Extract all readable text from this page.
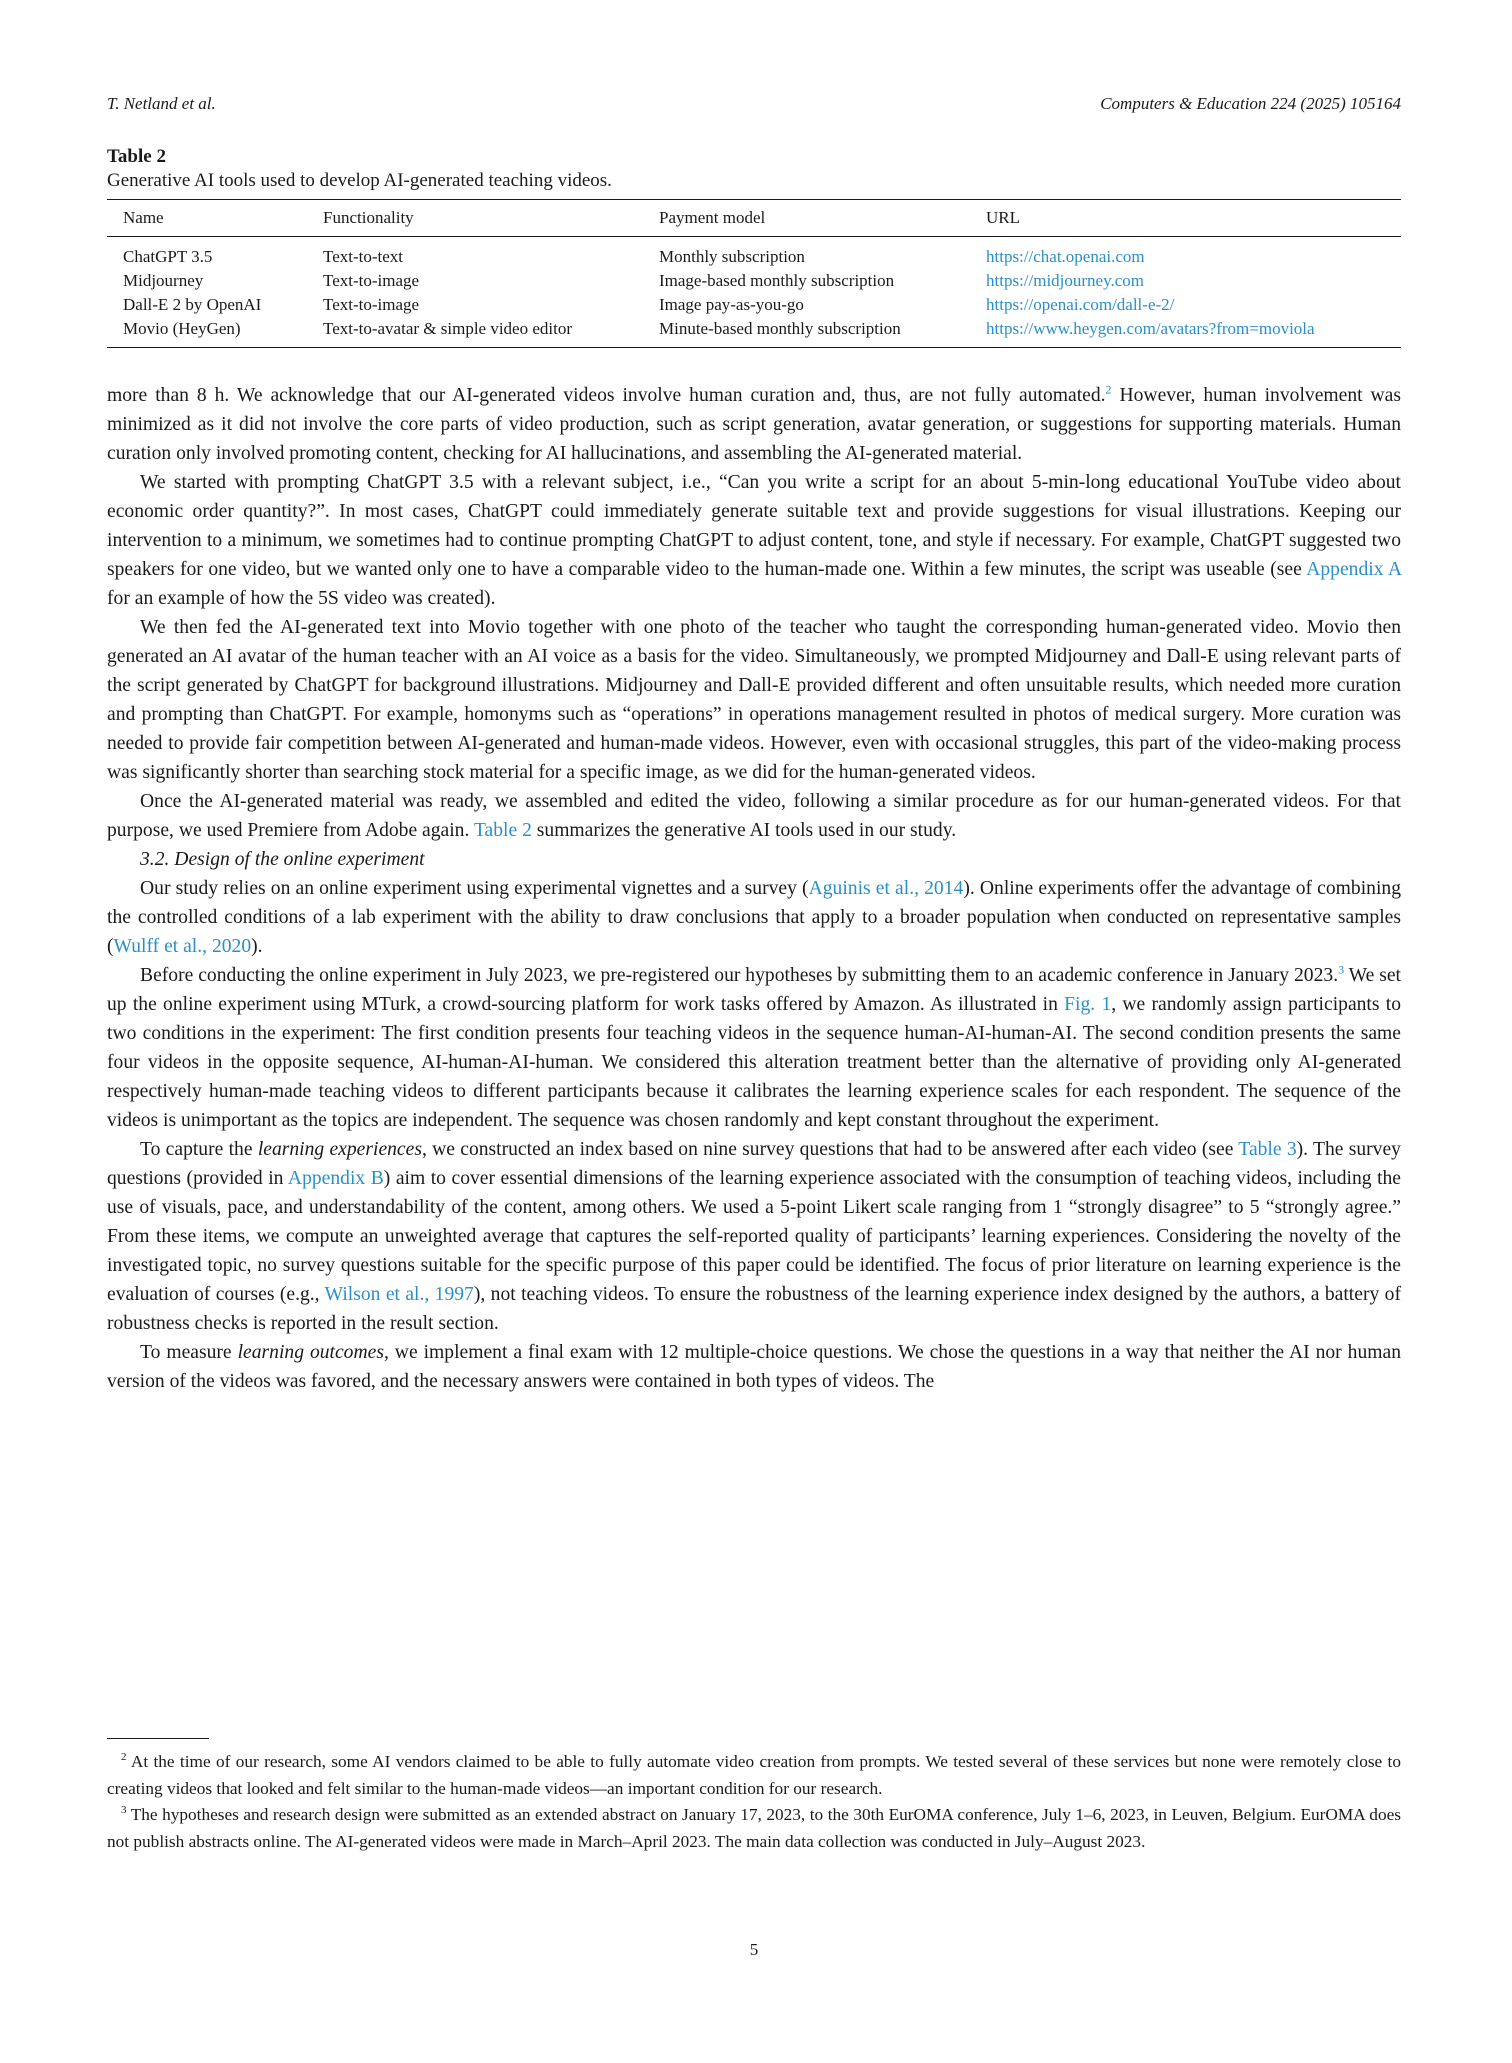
T. Netland et al.	Computers & Education 224 (2025) 105164
Table 2
Generative AI tools used to develop AI-generated teaching videos.
Name	Functionality	Payment model	URL
ChatGPT 3.5	Text-to-text	Monthly subscription	https://chat.openai.com
Midjourney	Text-to-image	Image-based monthly subscription	https://midjourney.com
Dall-E 2 by OpenAI	Text-to-image	Image pay-as-you-go	https://openai.com/dall-e-2/
Movio (HeyGen)	Text-to-avatar & simple video editor	Minute-based monthly subscription	https://www.heygen.com/avatars?from=moviola

more than 8 h. We acknowledge that our AI-generated videos involve human curation and, thus, are not fully automated.$^2$ However, human involvement was minimized as it did not involve the core parts of video production, such as script generation, avatar generation, or suggestions for supporting materials. Human curation only involved promoting content, checking for AI hallucinations, and assembling the AI-generated material.

We started with prompting ChatGPT 3.5 with a relevant subject, i.e., “Can you write a script for an about 5-min-long educational YouTube video about economic order quantity?”. In most cases, ChatGPT could immediately generate suitable text and provide suggestions for visual illustrations. Keeping our intervention to a minimum, we sometimes had to continue prompting ChatGPT to adjust content, tone, and style if necessary. For example, ChatGPT suggested two speakers for one video, but we wanted only one to have a comparable video to the human-made one. Within a few minutes, the script was useable (see Appendix A for an example of how the 5S video was created).

We then fed the AI-generated text into Movio together with one photo of the teacher who taught the corresponding human-generated video. Movio then generated an AI avatar of the human teacher with an AI voice as a basis for the video. Simultaneously, we prompted Midjourney and Dall-E using relevant parts of the script generated by ChatGPT for background illustrations. Midjourney and Dall-E provided different and often unsuitable results, which needed more curation and prompting than ChatGPT. For example, homonyms such as “operations” in operations management resulted in photos of medical surgery. More curation was needed to provide fair competition between AI-generated and human-made videos. However, even with occasional struggles, this part of the video-making process was significantly shorter than searching stock material for a specific image, as we did for the human-generated videos.

Once the AI-generated material was ready, we assembled and edited the video, following a similar procedure as for our human-generated videos. For that purpose, we used Premiere from Adobe again. Table 2 summarizes the generative AI tools used in our study.

3.2. Design of the online experiment

Our study relies on an online experiment using experimental vignettes and a survey (Aguinis et al., 2014). Online experiments offer the advantage of combining the controlled conditions of a lab experiment with the ability to draw conclusions that apply to a broader population when conducted on representative samples (Wulff et al., 2020).

Before conducting the online experiment in July 2023, we pre-registered our hypotheses by submitting them to an academic conference in January 2023.$^3$ We set up the online experiment using MTurk, a crowd-sourcing platform for work tasks offered by Amazon. As illustrated in Fig. 1, we randomly assign participants to two conditions in the experiment: The first condition presents four teaching videos in the sequence human-AI-human-AI. The second condition presents the same four videos in the opposite sequence, AI-human-AI-human. We considered this alteration treatment better than the alternative of providing only AI-generated respectively human-made teaching videos to different participants because it calibrates the learning experience scales for each respondent. The sequence of the videos is unimportant as the topics are independent. The sequence was chosen randomly and kept constant throughout the experiment.

To capture the learning experiences, we constructed an index based on nine survey questions that had to be answered after each video (see Table 3). The survey questions (provided in Appendix B) aim to cover essential dimensions of the learning experience associated with the consumption of teaching videos, including the use of visuals, pace, and understandability of the content, among others. We used a 5-point Likert scale ranging from 1 “strongly disagree” to 5 “strongly agree.” From these items, we compute an unweighted average that captures the self-reported quality of participants’ learning experiences. Considering the novelty of the investigated topic, no survey questions suitable for the specific purpose of this paper could be identified. The focus of prior literature on learning experience is the evaluation of courses (e.g., Wilson et al., 1997), not teaching videos. To ensure the robustness of the learning experience index designed by the authors, a battery of robustness checks is reported in the result section.

To measure learning outcomes, we implement a final exam with 12 multiple-choice questions. We chose the questions in a way that neither the AI nor human version of the videos was favored, and the necessary answers were contained in both types of videos. The

$^2$ At the time of our research, some AI vendors claimed to be able to fully automate video creation from prompts. We tested several of these services but none were remotely close to creating videos that looked and felt similar to the human-made videos—an important condition for our research.

$^3$ The hypotheses and research design were submitted as an extended abstract on January 17, 2023, to the 30th EurOMA conference, July 1–6, 2023, in Leuven, Belgium. EurOMA does not publish abstracts online. The AI-generated videos were made in March–April 2023. The main data collection was conducted in July–August 2023.

5
